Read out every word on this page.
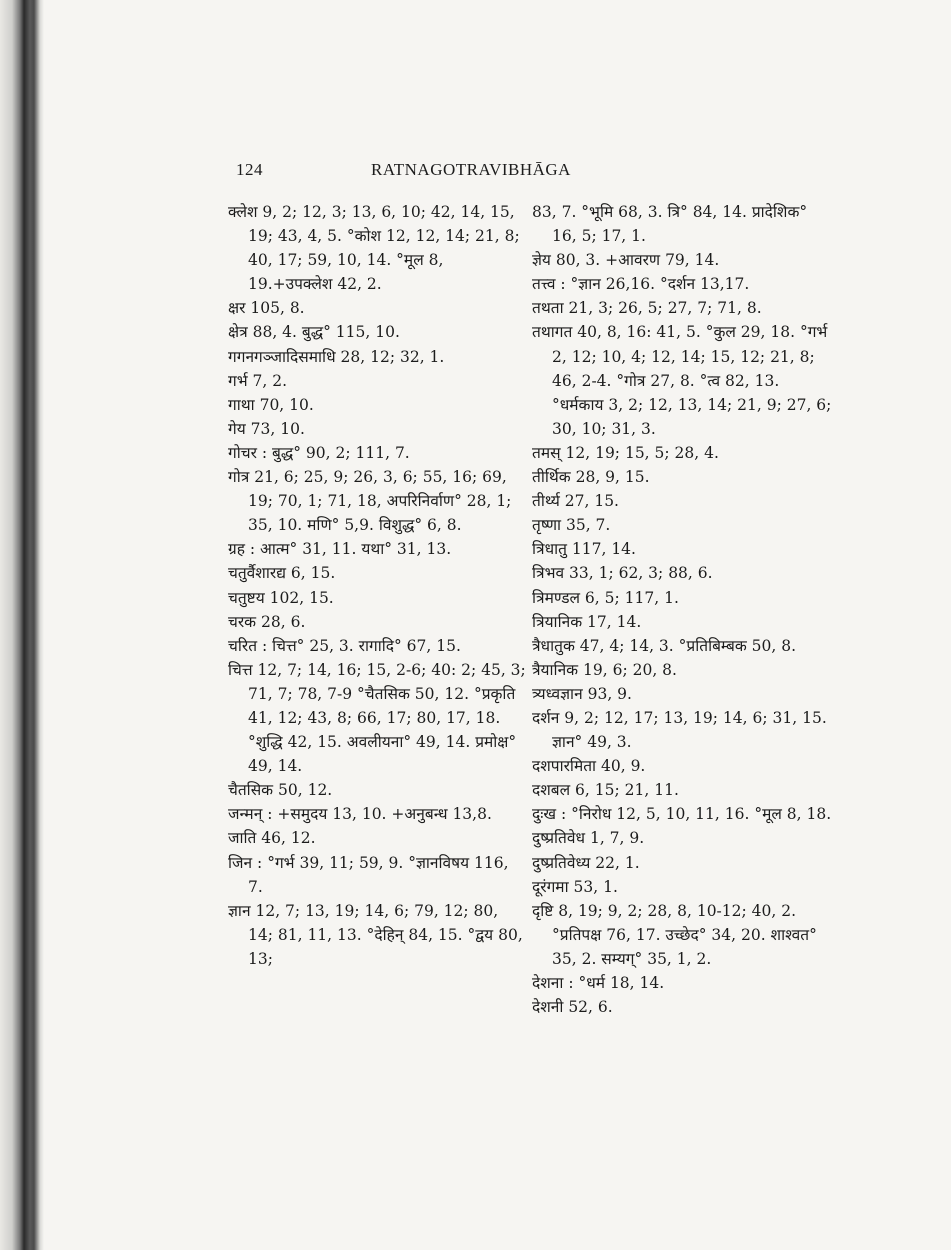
124	RATNAGOTRAVIBHĀGA
क्लेश 9, 2; 12, 3; 13, 6, 10; 42, 14, 15, 19; 43, 4, 5. °कोश 12, 12, 14; 21, 8; 40, 17; 59, 10, 14. °मूल 8, 19.+उपक्लेश 42, 2.
क्षर 105, 8.
क्षेत्र 88, 4. बुद्ध° 115, 10.
गगनगञ्जादिसमाधि 28, 12; 32, 1.
गर्भ 7, 2.
गाथा 70, 10.
गेय 73, 10.
गोचर : बुद्ध° 90, 2; 111, 7.
गोत्र 21, 6; 25, 9; 26, 3, 6; 55, 16; 69, 19; 70, 1; 71, 18, अपरिनिर्वाण° 28, 1; 35, 10. मणि° 5,9. विशुद्ध° 6, 8.
ग्रह : आत्म° 31, 11. यथा° 31, 13.
चतुर्वैशारद्य 6, 15.
चतुष्टय 102, 15.
चरक 28, 6.
चरित : चित्त° 25, 3. रागादि° 67, 15.
चित्त 12, 7; 14, 16; 15, 2-6; 40: 2; 45, 3; 71, 7; 78, 7-9 °चैतसिक 50, 12. °प्रकृति 41, 12; 43, 8; 66, 17; 80, 17, 18. °शुद्धि 42, 15. अवलीयना° 49, 14. प्रमोक्ष° 49, 14.
चैतसिक 50, 12.
जन्मन् : +समुदय 13, 10. +अनुबन्ध 13,8.
जाति 46, 12.
जिन : °गर्भ 39, 11; 59, 9. °ज्ञानविषय 116, 7.
ज्ञान 12, 7; 13, 19; 14, 6; 79, 12; 80, 14; 81, 11, 13. °देहिन् 84, 15. °द्वय 80, 13;
83, 7. °भूमि 68, 3. त्रि° 84, 14. प्रादेशिक° 16, 5; 17, 1.
ज्ञेय 80, 3. +आवरण 79, 14.
तत्त्व : °ज्ञान 26,16. °दर्शन 13,17.
तथता 21, 3; 26, 5; 27, 7; 71, 8.
तथागत 40, 8, 16: 41, 5. °कुल 29, 18. °गर्भ 2, 12; 10, 4; 12, 14; 15, 12; 21, 8; 46, 2-4. °गोत्र 27, 8. °त्व 82, 13. °धर्मकाय 3, 2; 12, 13, 14; 21, 9; 27, 6; 30, 10; 31, 3.
तमस् 12, 19; 15, 5; 28, 4.
तीर्थिक 28, 9, 15.
तीर्थ्य 27, 15.
तृष्णा 35, 7.
त्रिधातु 117, 14.
त्रिभव 33, 1; 62, 3; 88, 6.
त्रिमण्डल 6, 5; 117, 1.
त्रियानिक 17, 14.
त्रैधातुक 47, 4; 14, 3. °प्रतिबिम्बक 50, 8.
त्रैयानिक 19, 6; 20, 8.
त्र्यध्वज्ञान 93, 9.
दर्शन 9, 2; 12, 17; 13, 19; 14, 6; 31, 15. ज्ञान° 49, 3.
दशपारमिता 40, 9.
दशबल 6, 15; 21, 11.
दुःख : °निरोध 12, 5, 10, 11, 16. °मूल 8, 18.
दुष्प्रतिवेध 1, 7, 9.
दुष्प्रतिवेध्य 22, 1.
दूरंगमा 53, 1.
दृष्टि 8, 19; 9, 2; 28, 8, 10-12; 40, 2. °प्रतिपक्ष 76, 17. उच्छेद° 34, 20. शाश्वत° 35, 2. सम्यग्° 35, 1, 2.
देशना : °धर्म 18, 14.
देशनी 52, 6.
